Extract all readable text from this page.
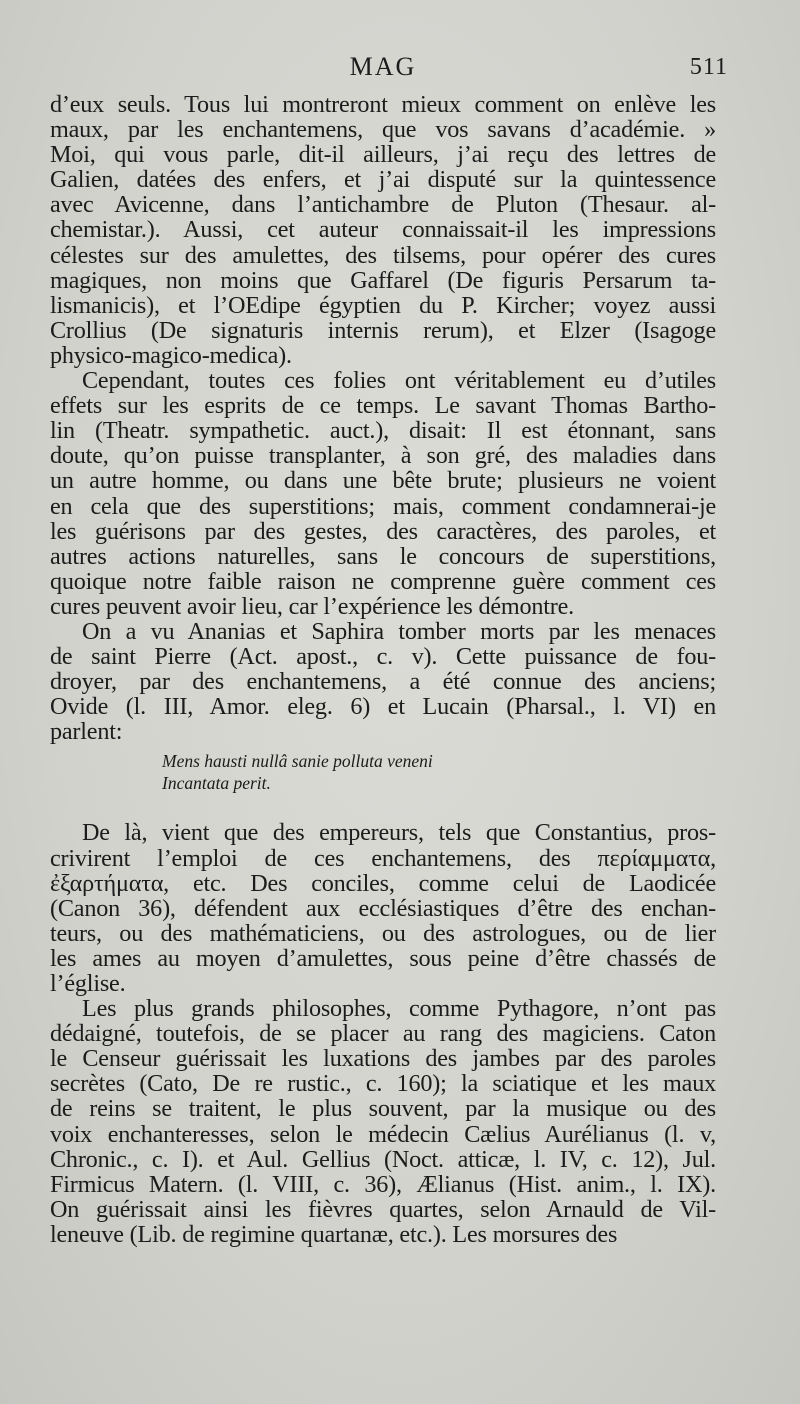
MAG	511

d’eux seuls. Tous lui montreront mieux comment on enlève les
maux, par les enchantemens, que vos savans d’académie. »
Moi, qui vous parle, dit-il ailleurs, j’ai reçu des lettres de
Galien, datées des enfers, et j’ai disputé sur la quintessence
avec Avicenne, dans l’antichambre de Pluton (Thesaur. al-
chemistar.). Aussi, cet auteur connaissait-il les impressions
célestes sur des amulettes, des tilsems, pour opérer des cures
magiques, non moins que Gaffarel (De figuris Persarum ta-
lismanicis), et l’OEdipe égyptien du P. Kircher; voyez aussi
Crollius (De signaturis internis rerum), et Elzer (Isagoge
physico-magico-medica).

Cependant, toutes ces folies ont véritablement eu d’utiles
effets sur les esprits de ce temps. Le savant Thomas Bartho-
lin (Theatr. sympathetic. auct.), disait: Il est étonnant, sans
doute, qu’on puisse transplanter, à son gré, des maladies dans
un autre homme, ou dans une bête brute; plusieurs ne voient
en cela que des superstitions; mais, comment condamnerai-je
les guérisons par des gestes, des caractères, des paroles, et
autres actions naturelles, sans le concours de superstitions,
quoique notre faible raison ne comprenne guère comment ces
cures peuvent avoir lieu, car l’expérience les démontre.

On a vu Ananias et Saphira tomber morts par les menaces
de saint Pierre (Act. apost., c. v). Cette puissance de fou-
droyer, par des enchantemens, a été connue des anciens;
Ovide (l. III, Amor. eleg. 6) et Lucain (Pharsal., l. VI) en
parlent:

Mens hausti nullâ sanie polluta veneni
Incantata perit.

De là, vient que des empereurs, tels que Constantius, pros-
crivirent l’emploi de ces enchantemens, des περίαμματα,
ἐξαρτήματα, etc. Des conciles, comme celui de Laodicée
(Canon 36), défendent aux ecclésiastiques d’être des enchan-
teurs, ou des mathématiciens, ou des astrologues, ou de lier
les ames au moyen d’amulettes, sous peine d’être chassés de
l’église.

Les plus grands philosophes, comme Pythagore, n’ont pas
dédaigné, toutefois, de se placer au rang des magiciens. Caton
le Censeur guérissait les luxations des jambes par des paroles
secrètes (Cato, De re rustic., c. 160); la sciatique et les maux
de reins se traitent, le plus souvent, par la musique ou des
voix enchanteresses, selon le médecin Cælius Aurélianus (l. v,
Chronic., c. I). et Aul. Gellius (Noct. atticæ, l. IV, c. 12), Jul.
Firmicus Matern. (l. VIII, c. 36), Ælianus (Hist. anim., l. IX).
On guérissait ainsi les fièvres quartes, selon Arnauld de Vil-
leneuve (Lib. de regimine quartanæ, etc.). Les morsures des
